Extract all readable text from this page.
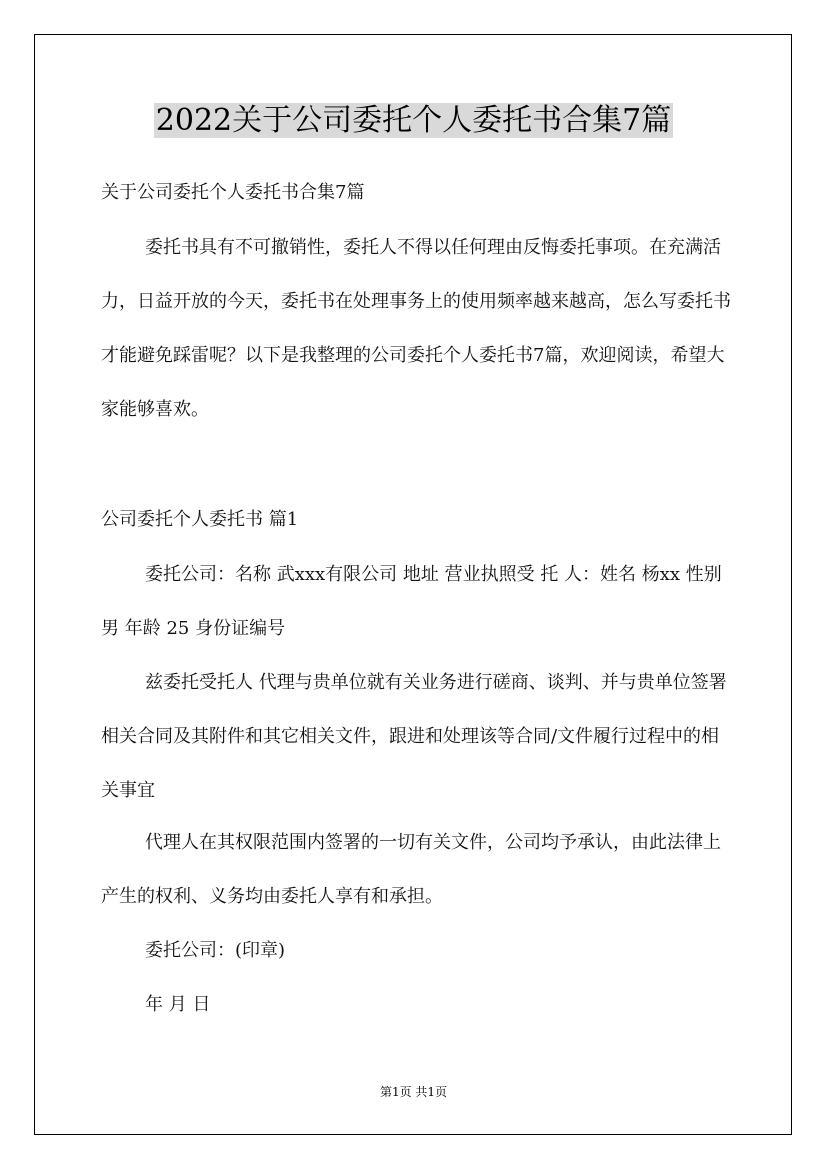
2022关于公司委托个人委托书合集7篇
关于公司委托个人委托书合集7篇
委托书具有不可撤销性，委托人不得以任何理由反悔委托事项。在充满活力，日益开放的今天，委托书在处理事务上的使用频率越来越高，怎么写委托书才能避免踩雷呢？以下是我整理的公司委托个人委托书7篇，欢迎阅读，希望大家能够喜欢。
公司委托个人委托书 篇1
委托公司：名称 武xxx有限公司 地址 营业执照受 托 人：姓名 杨xx 性别 男 年龄 25 身份证编号
兹委托受托人 代理与贵单位就有关业务进行磋商、谈判、并与贵单位签署相关合同及其附件和其它相关文件，跟进和处理该等合同/文件履行过程中的相关事宜
代理人在其权限范围内签署的一切有关文件，公司均予承认，由此法律上产生的权利、义务均由委托人享有和承担。
委托公司：(印章)
年 月 日
第1页 共1页
